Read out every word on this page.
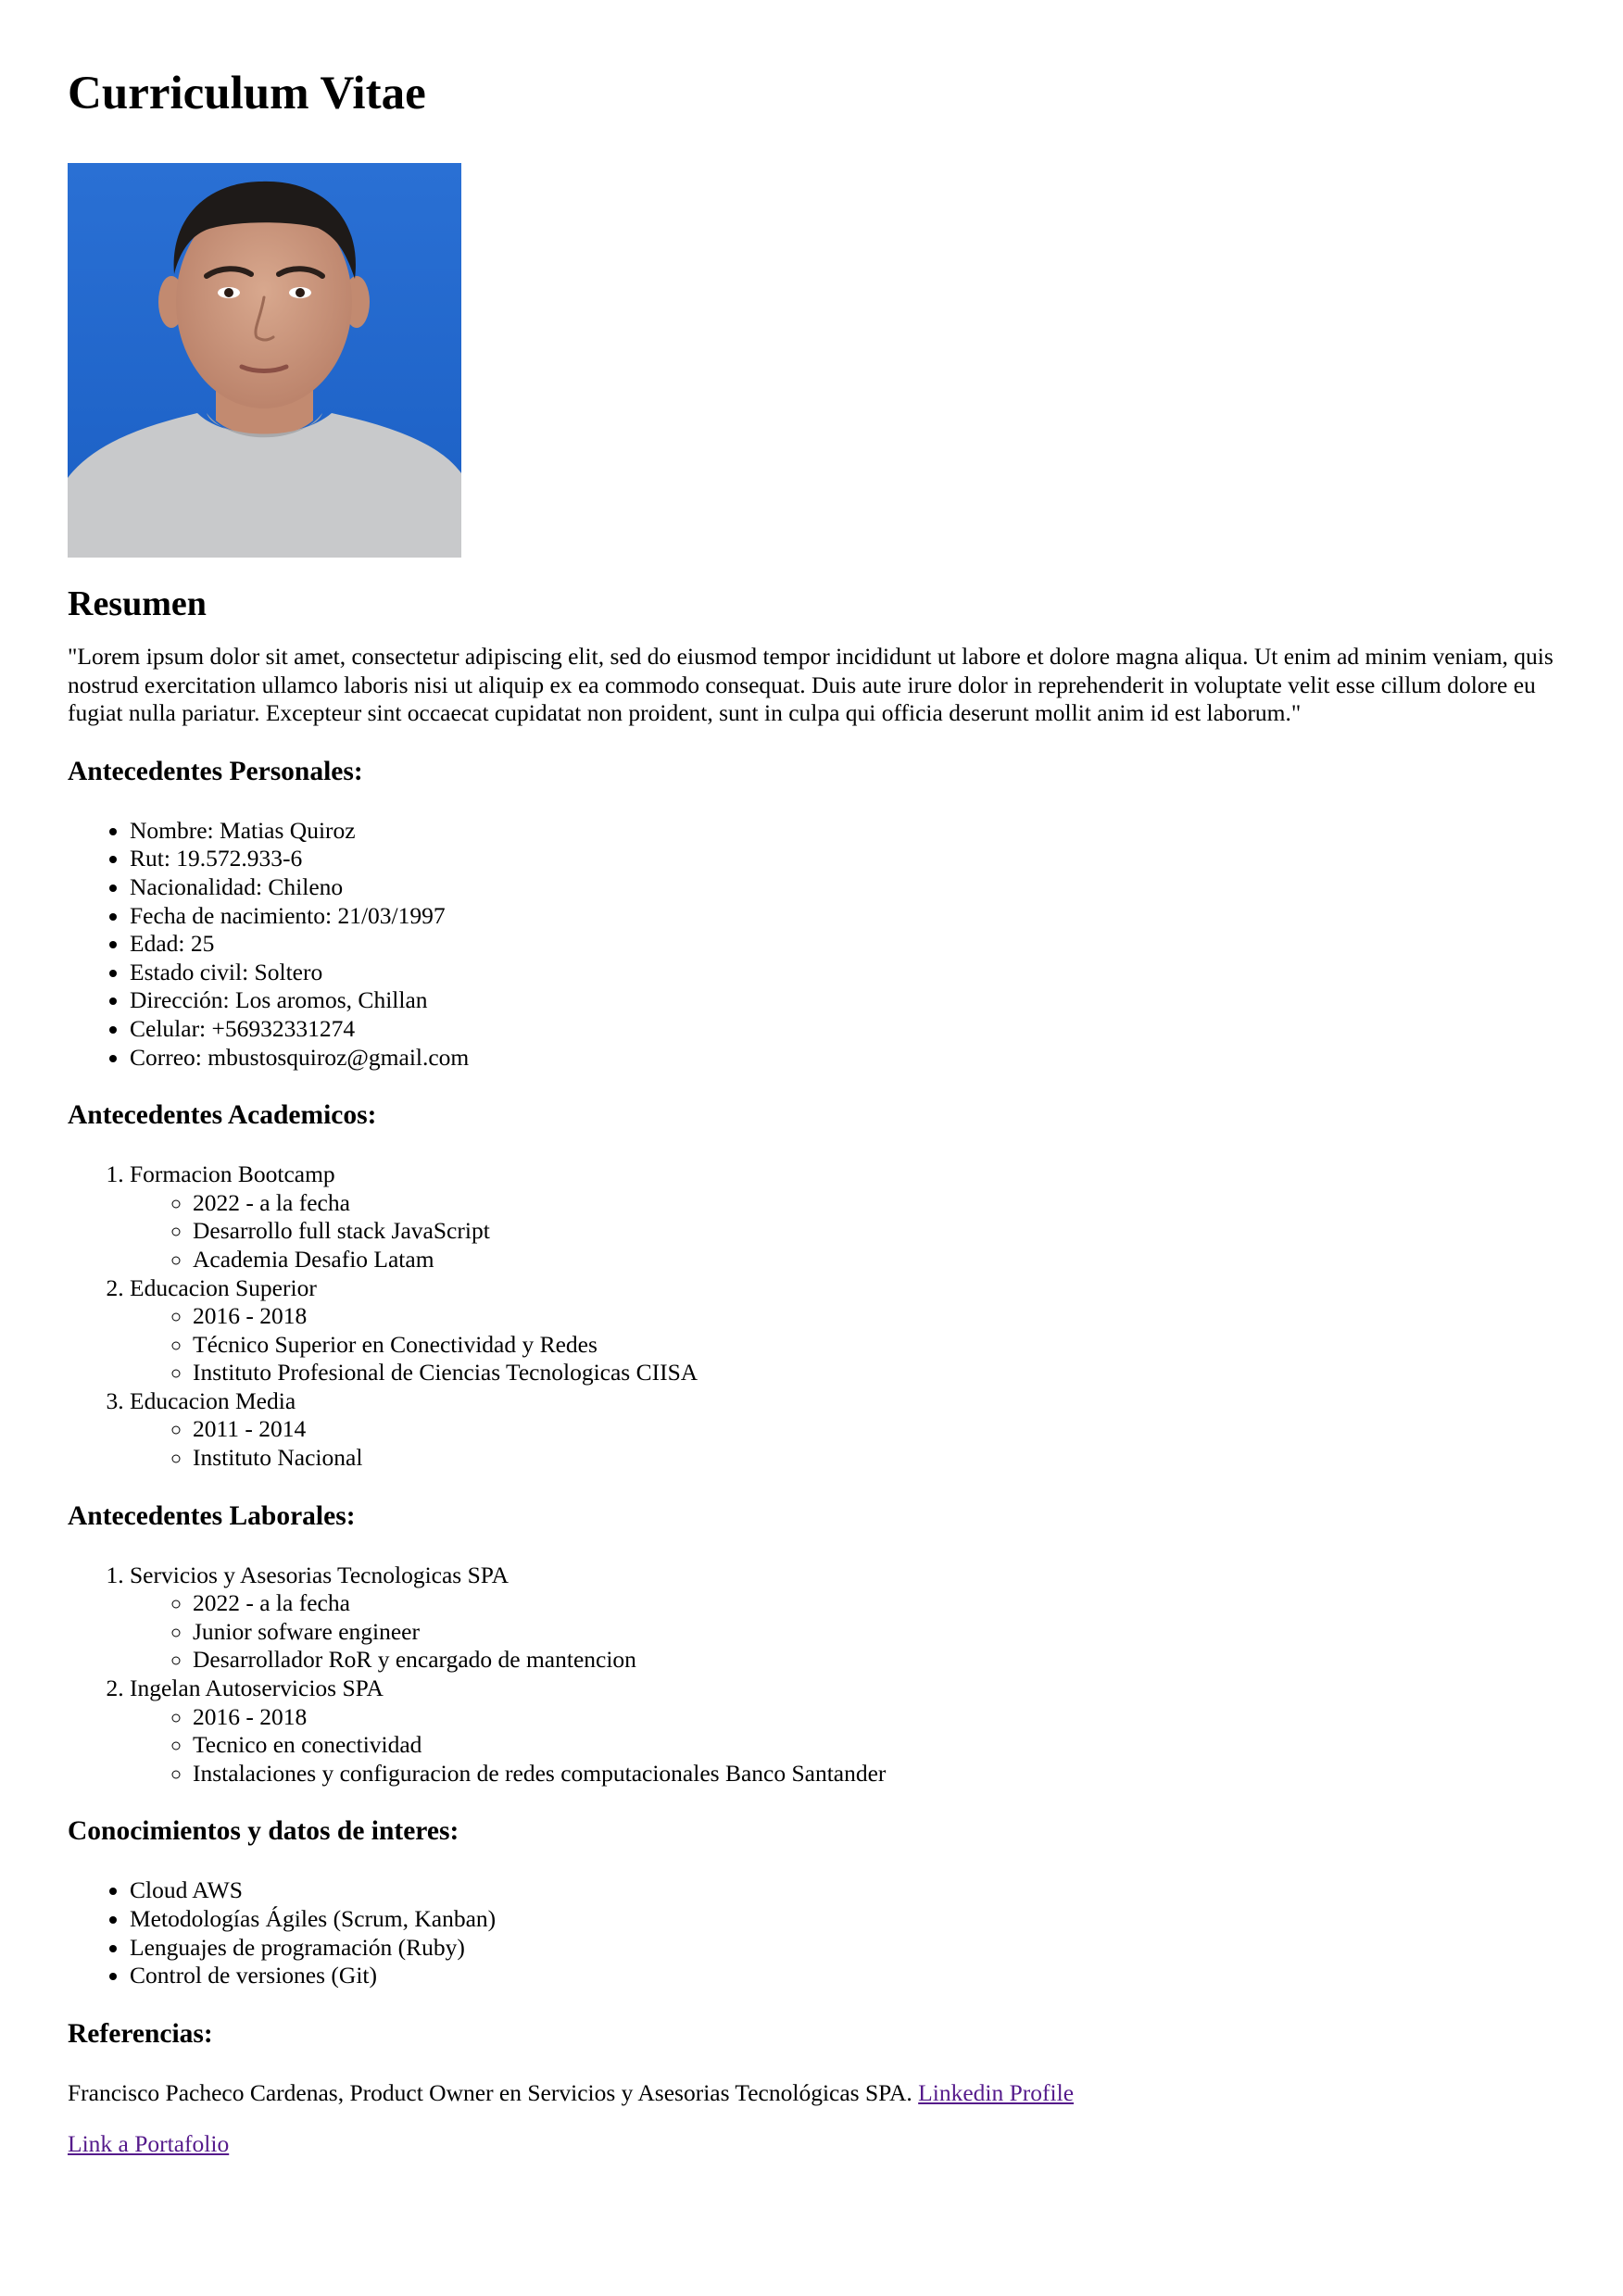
Curriculum Vitae
Resumen

"Lorem ipsum dolor sit amet, consectetur adipiscing elit, sed do eiusmod tempor incididunt ut labore et dolore magna aliqua. Ut enim ad minim veniam, quis nostrud exercitation ullamco laboris nisi ut aliquip ex ea commodo consequat. Duis aute irure dolor in reprehenderit in voluptate velit esse cillum dolore eu fugiat nulla pariatur. Excepteur sint occaecat cupidatat non proident, sunt in culpa qui officia deserunt mollit anim id est laborum."

Antecedentes Personales:
• Nombre: Matias Quiroz
• Rut: 19.572.933-6
• Nacionalidad: Chileno
• Fecha de nacimiento: 21/03/1997
• Edad: 25
• Estado civil: Soltero
• Dirección: Los aromos, Chillan
• Celular: +56932331274
• Correo: mbustosquiroz@gmail.com
Antecedentes Academicos:
1. Formacion Bootcamp
◦ 2022 - a la fecha
◦ Desarrollo full stack JavaScript
◦ Academia Desafio Latam
2. Educacion Superior
◦ 2016 - 2018
◦ Técnico Superior en Conectividad y Redes
◦ Instituto Profesional de Ciencias Tecnologicas CIISA
3. Educacion Media
◦ 2011 - 2014
◦ Instituto Nacional
Antecedentes Laborales:
1. Servicios y Asesorias Tecnologicas SPA
◦ 2022 - a la fecha
◦ Junior sofware engineer
◦ Desarrollador RoR y encargado de mantencion
2. Ingelan Autoservicios SPA
◦ 2016 - 2018
◦ Tecnico en conectividad
◦ Instalaciones y configuracion de redes computacionales Banco Santander
Conocimientos y datos de interes:
• Cloud AWS
• Metodologías Ágiles (Scrum, Kanban)
• Lenguajes de programación (Ruby)
• Control de versiones (Git)
Referencias:

Francisco Pacheco Cardenas, Product Owner en Servicios y Asesorias Tecnológicas SPA. Linkedin Profile

Link a Portafolio
